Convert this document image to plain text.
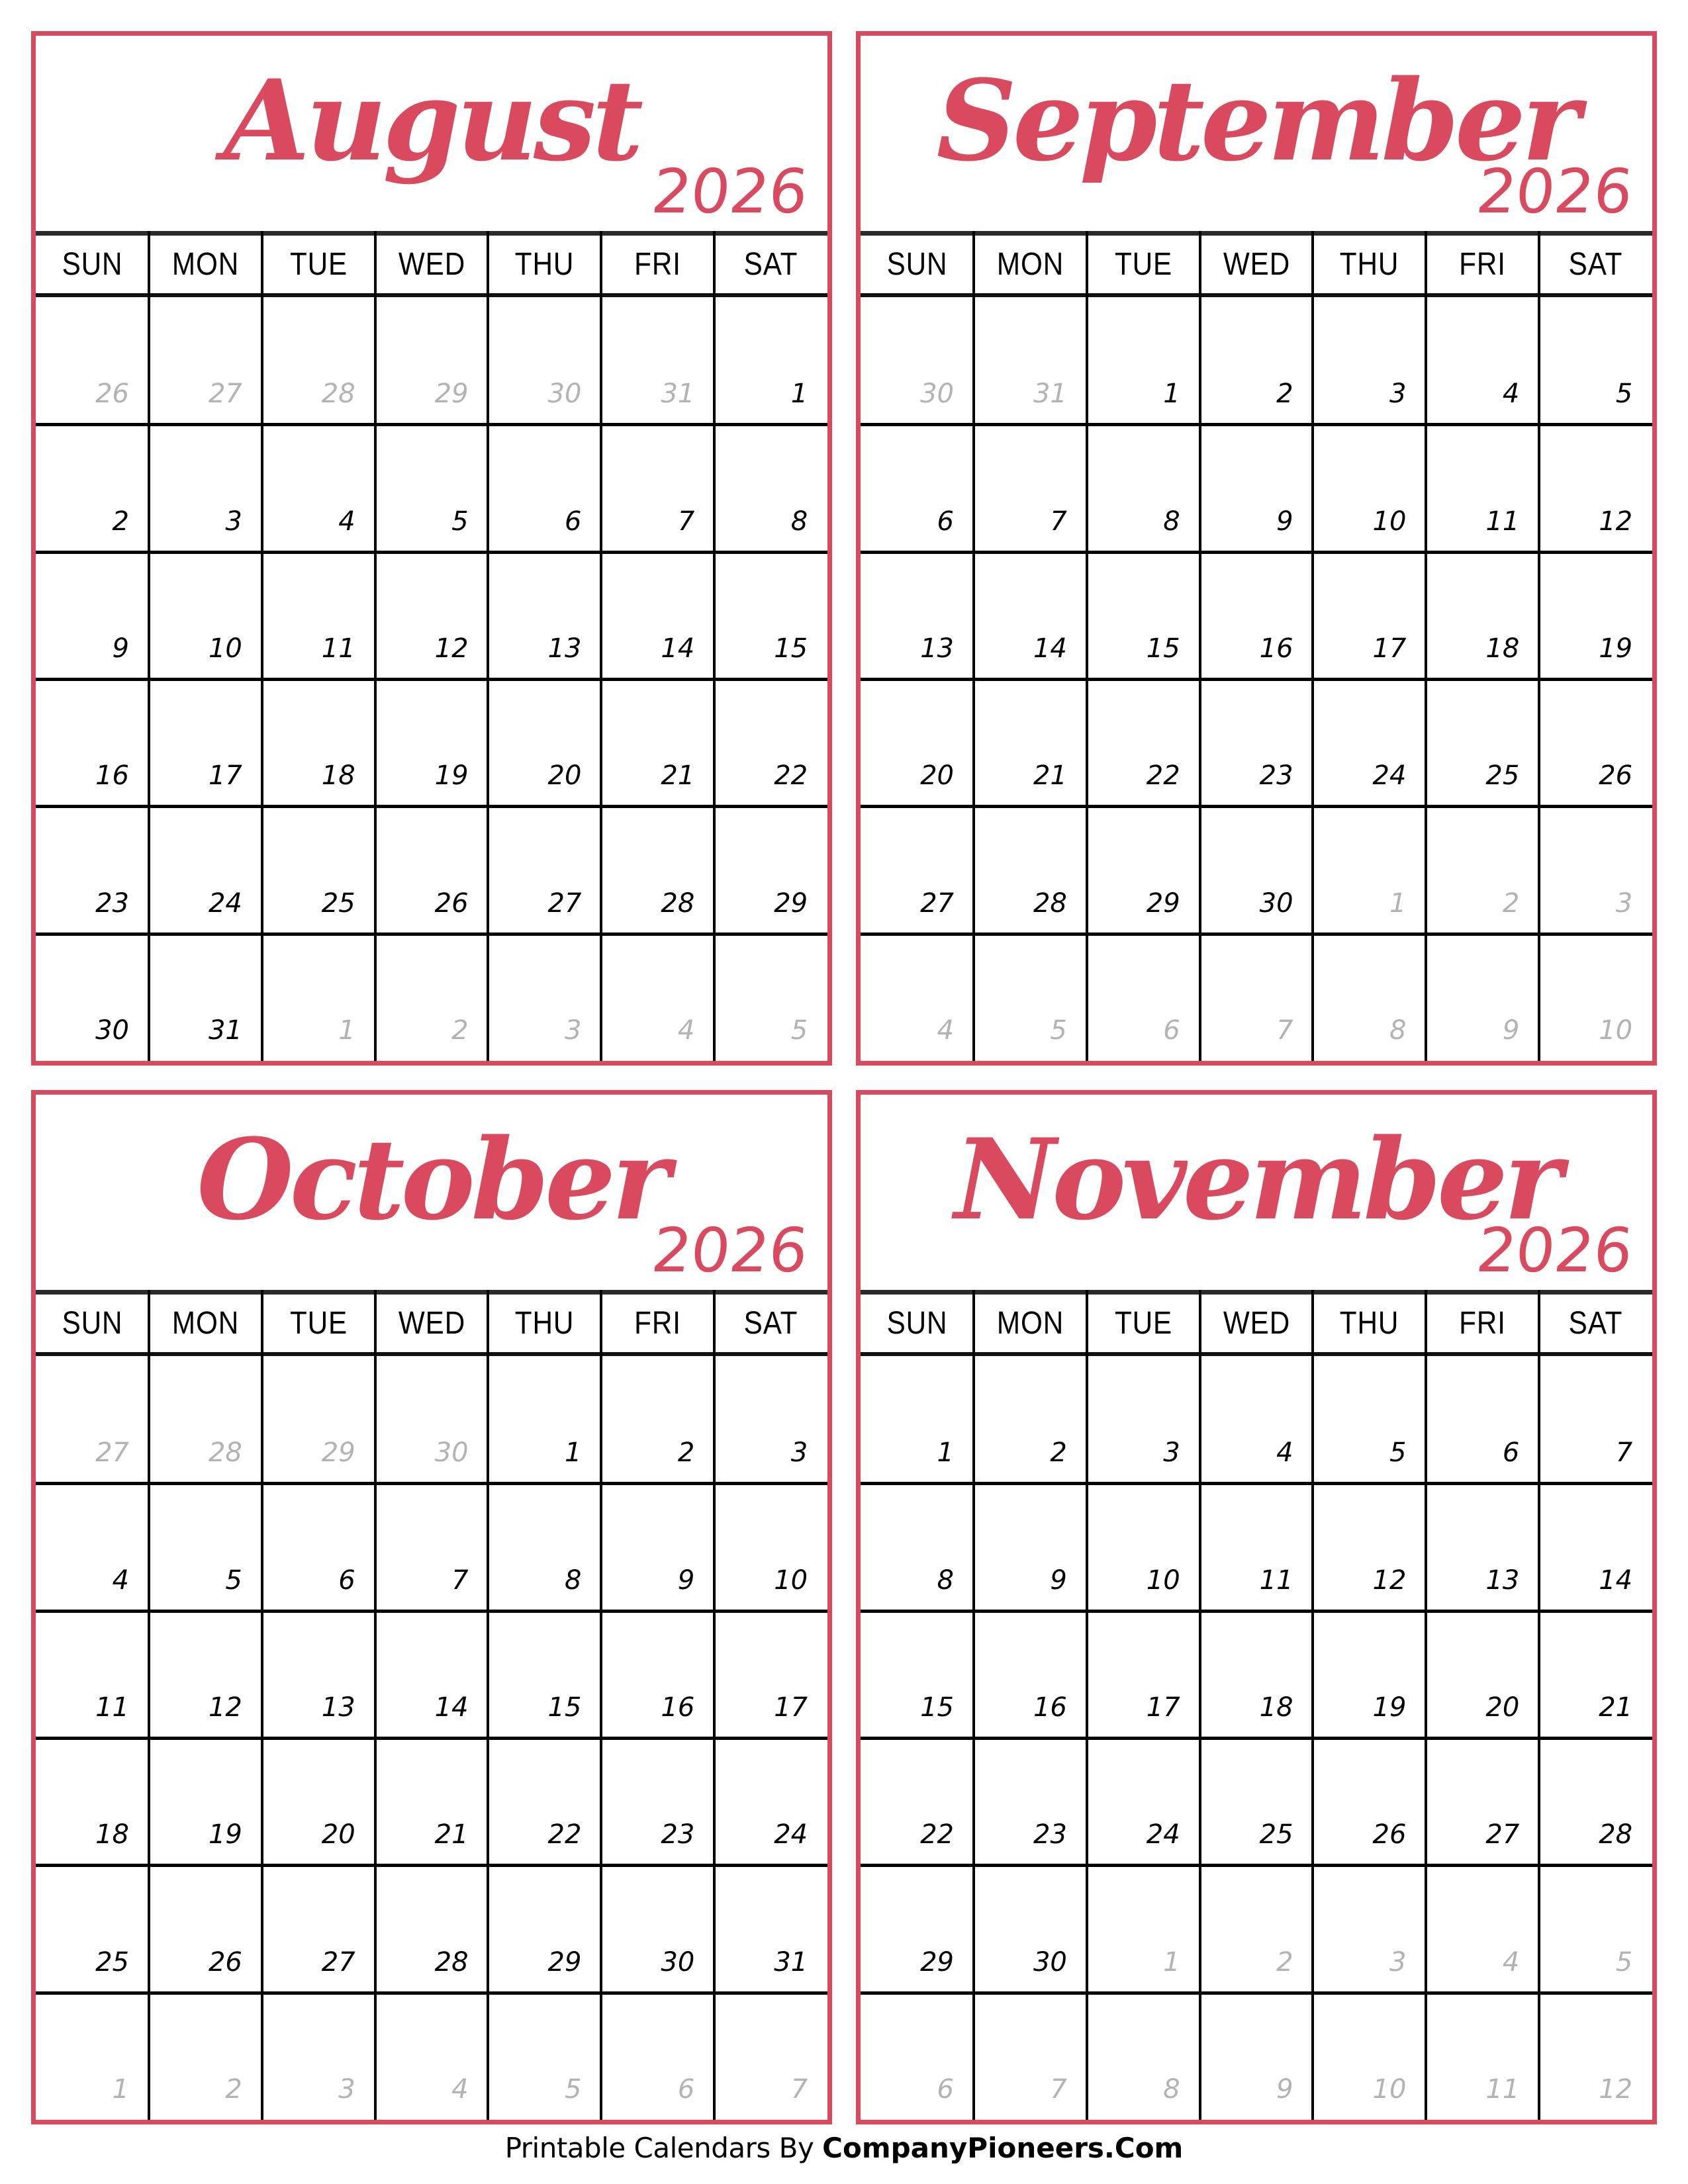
August
2026
SUN	MON	TUE	WED	THU	FRI	SAT
26	27	28	29	30	31	1
2	3	4	5	6	7	8
9	10	11	12	13	14	15
16	17	18	19	20	21	22
23	24	25	26	27	28	29
30	31	1	2	3	4	5
September
2026
SUN	MON	TUE	WED	THU	FRI	SAT
30	31	1	2	3	4	5
6	7	8	9	10	11	12
13	14	15	16	17	18	19
20	21	22	23	24	25	26
27	28	29	30	1	2	3
4	5	6	7	8	9	10
October
2026
SUN	MON	TUE	WED	THU	FRI	SAT
27	28	29	30	1	2	3
4	5	6	7	8	9	10
11	12	13	14	15	16	17
18	19	20	21	22	23	24
25	26	27	28	29	30	31
1	2	3	4	5	6	7
November
2026
SUN	MON	TUE	WED	THU	FRI	SAT
1	2	3	4	5	6	7
8	9	10	11	12	13	14
15	16	17	18	19	20	21
22	23	24	25	26	27	28
29	30	1	2	3	4	5
6	7	8	9	10	11	12
Printable Calendars By CompanyPioneers.Com
